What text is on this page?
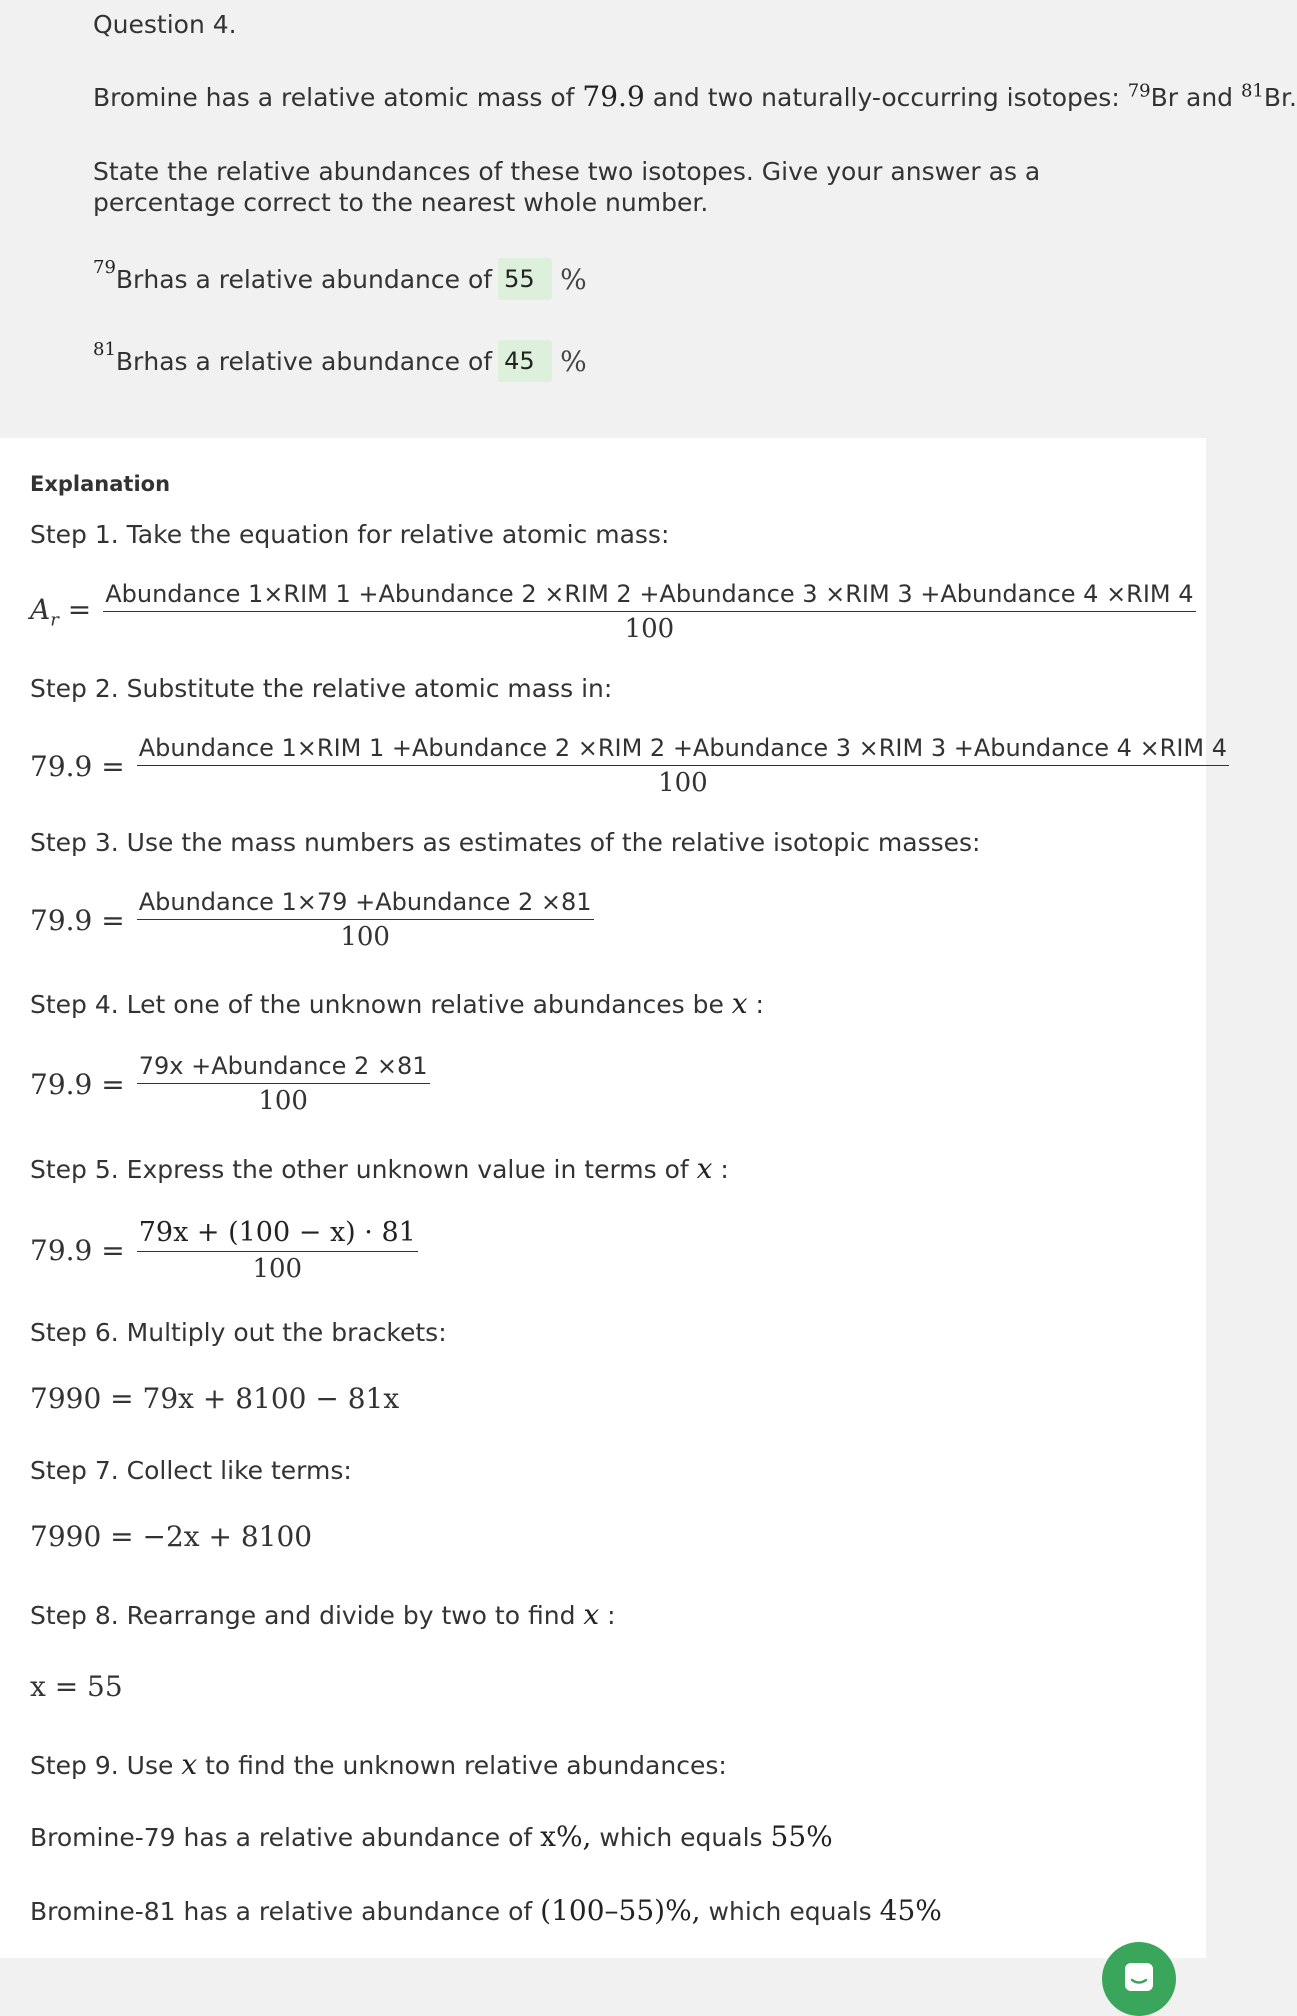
Question 4.
Bromine has a relative atomic mass of 79.9 and two naturally-occurring isotopes: $^{79}$Br and $^{81}$Br.
State the relative abundances of these two isotopes. Give your answer as a percentage correct to the nearest whole number.
$^{79}$ Br has a relative abundance of 55 %
$^{81}$ Br has a relative abundance of 45 %
Explanation
Step 1. Take the equation for relative atomic mass:
$A_r$ = Abundance 1×RIM 1 +Abundance 2 ×RIM 2 +Abundance 3 ×RIM 3 +Abundance 4 ×RIM 4
100
Step 2. Substitute the relative atomic mass in:
79.9 =
Abundance 1×RIM 1 +Abundance 2 ×RIM 2 +Abundance 3 ×RIM 3 +Abundance 4 ×RIM 4
100
Step 3. Use the mass numbers as estimates of the relative isotopic masses:
$79.9 = \frac{\text{Abundance 1×79 +Abundance 2 ×81}}{100}$
Step 4. Let one of the unknown relative abundances be x :
$79.9 = \frac{\text{79x +Abundance 2 ×81}}{100}$
Step 5. Express the other unknown value in terms of x :
$79.9 = \frac{79x + (100 - x) \cdot 81}{100}$
Step 6. Multiply out the brackets:
7990 = 79x + 8100 − 81x
Step 7. Collect like terms:
7990 = −2x + 8100
Step 8. Rearrange and divide by two to find x :
x = 55
Step 9. Use x to find the unknown relative abundances:
Bromine-79 has a relative abundance of x%, which equals 55%
Bromine-81 has a relative abundance of (100–55)%, which equals 45%
